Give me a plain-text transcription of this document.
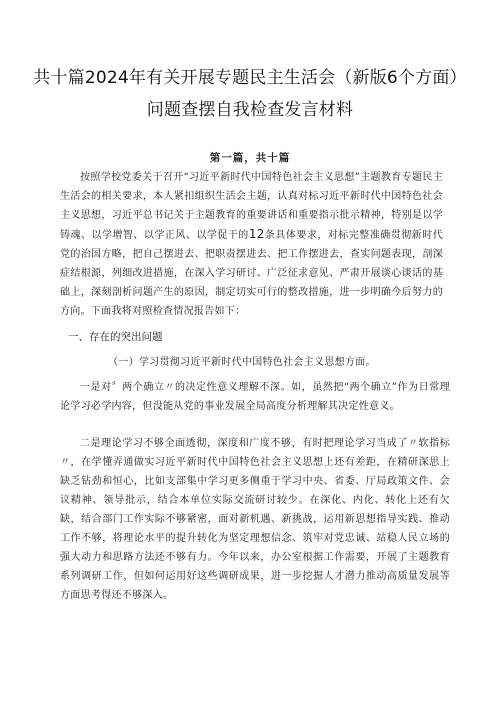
共十篇2024年有关开展专题民主生活会（新版6个方面）问题查摆自我检查发言材料
第一篇，共十篇

按照学校党委关于召开“习近平新时代中国特色社会主义思想”主题教育专题民主生活会的相关要求，本人紧扣组织生活会主题，认真对标习近平新时代中国特色社会主义思想，习近平总书记关于主题教育的重要讲话和重要指示批示精神，特别是以学铸魂、以学增智、以学正风、以学促干的12条具体要求，对标完整准确贯彻新时代党的治国方略，把自己摆进去、把职责摆进去、把工作摆进去，查实问题表现，剖深症结根源，列细改进措施，在深入学习研讨、广泛征求意见、严肃开展谈心谈话的基础上，深刻剖析问题产生的原因，制定切实可行的整改措施，进一步明确今后努力的方向。下面我将对照检查情况报告如下：

一、存在的突出问题
（一）学习贯彻习近平新时代中国特色社会主义思想方面。

一是对〞两个确立〃的决定性意义理解不深。如，虽然把“两个确立”作为日常理论学习必学内容，但没能从党的事业发展全局高度分析理解其决定性意义。

二是理论学习不够全面透彻，深度和广度不够，有时把理论学习当成了〃软指标〃，在学懂弄通做实习近平新时代中国特色社会主义思想上还有差距，在精研深思上缺乏钻劲和恒心，比如支部集中学习更多侧重于学习中央、省委、厅局政策文件、会议精神、领导批示，结合本单位实际交流研讨较少。在深化、内化、转化上还有欠缺，结合部门工作实际不够紧密，面对新机遇、新挑战，运用新思想指导实践、推动工作不够，将理论水平的提升转化为坚定理想信念、筑牢对党忠诚、站稳人民立场的强大动力和思路方法还不够有力。今年以来，办公室根据工作需要，开展了主题教育系列调研工作，但如何运用好这些调研成果，进一步挖掘人才潜力推动高质量发展等方面思考得还不够深入。
